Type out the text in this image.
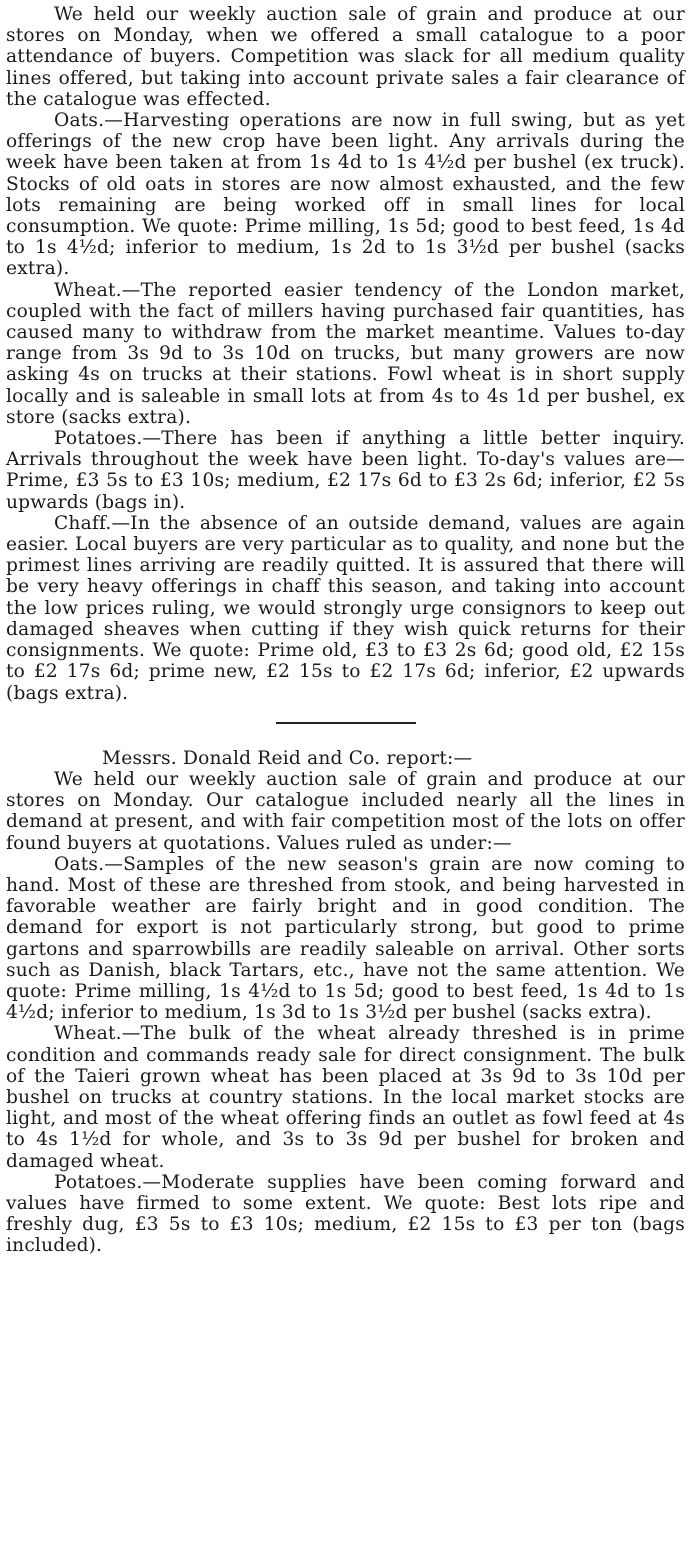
We held our weekly auction sale of grain and produce at our stores on Monday, when we offered a small catalogue to a poor attendance of buyers. Competition was slack for all medium quality lines offered, but taking into account private sales a fair clearance of the catalogue was effected.

Oats.—Harvesting operations are now in full swing, but as yet offerings of the new crop have been light. Any arrivals during the week have been taken at from 1s 4d to 1s 4½d per bushel (ex truck). Stocks of old oats in stores are now almost exhausted, and the few lots remaining are being worked off in small lines for local consumption. We quote: Prime milling, 1s 5d; good to best feed, 1s 4d to 1s 4½d; inferior to medium, 1s 2d to 1s 3½d per bushel (sacks extra).

Wheat.—The reported easier tendency of the London market, coupled with the fact of millers having purchased fair quantities, has caused many to withdraw from the market meantime. Values to-day range from 3s 9d to 3s 10d on trucks, but many growers are now asking 4s on trucks at their stations. Fowl wheat is in short supply locally and is saleable in small lots at from 4s to 4s 1d per bushel, ex store (sacks extra).

Potatoes.—There has been if anything a little better inquiry. Arrivals throughout the week have been light. To-day's values are—Prime, £3 5s to £3 10s; medium, £2 17s 6d to £3 2s 6d; inferior, £2 5s upwards (bags in).

Chaff.—In the absence of an outside demand, values are again easier. Local buyers are very particular as to quality, and none but the primest lines arriving are readily quitted. It is assured that there will be very heavy offerings in chaff this season, and taking into account the low prices ruling, we would strongly urge consignors to keep out damaged sheaves when cutting if they wish quick returns for their consignments. We quote: Prime old, £3 to £3 2s 6d; good old, £2 15s to £2 17s 6d; prime new, £2 15s to £2 17s 6d; inferior, £2 upwards (bags extra).

Messrs. Donald Reid and Co. report:—

We held our weekly auction sale of grain and produce at our stores on Monday. Our catalogue included nearly all the lines in demand at present, and with fair competition most of the lots on offer found buyers at quotations. Values ruled as under:—

Oats.—Samples of the new season's grain are now coming to hand. Most of these are threshed from stook, and being harvested in favorable weather are fairly bright and in good condition. The demand for export is not particularly strong, but good to prime gartons and sparrowbills are readily saleable on arrival. Other sorts such as Danish, black Tartars, etc., have not the same attention. We quote: Prime milling, 1s 4½d to 1s 5d; good to best feed, 1s 4d to 1s 4½d; inferior to medium, 1s 3d to 1s 3½d per bushel (sacks extra).

Wheat.—The bulk of the wheat already threshed is in prime condition and commands ready sale for direct consignment. The bulk of the Taieri grown wheat has been placed at 3s 9d to 3s 10d per bushel on trucks at country stations. In the local market stocks are light, and most of the wheat offering finds an outlet as fowl feed at 4s to 4s 1½d for whole, and 3s to 3s 9d per bushel for broken and damaged wheat.

Potatoes.—Moderate supplies have been coming forward and values have firmed to some extent. We quote: Best lots ripe and freshly dug, £3 5s to £3 10s; medium, £2 15s to £3 per ton (bags included).
